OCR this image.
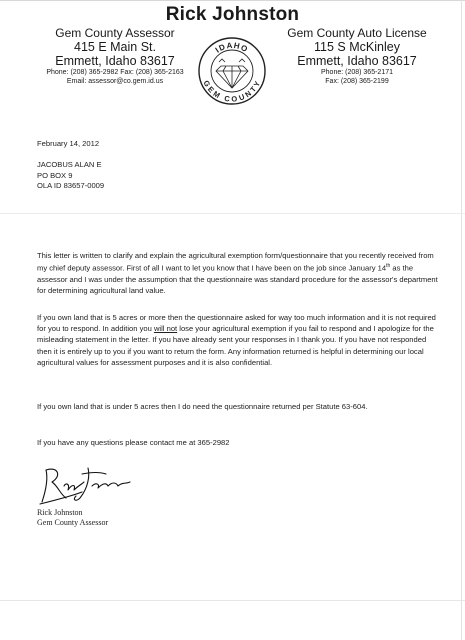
Rick Johnston
Gem County Assessor
415 E Main St.
Emmett, Idaho 83617
Phone: (208) 365-2982 Fax: (208) 365-2163
Email: assessor@co.gem.id.us
Gem County Auto License
115 S McKinley
Emmett, Idaho 83617
Phone: (208) 365-2171
Fax: (208) 365-2199
IDAHO
GEM COUNTY
February 14, 2012
JACOBUS ALAN E
PO BOX 9
OLA ID 83657-0009
This letter is written to clarify and explain the agricultural exemption form/questionnaire that you recently received from my chief deputy assessor. First of all I want to let you know that I have been on the job since January 14th as the assessor and I was under the assumption that the questionnaire was standard procedure for the assessor's department for determining agricultural land value.
If you own land that is 5 acres or more then the questionnaire asked for way too much information and it is not required for you to respond. In addition you will not lose your agricultural exemption if you fail to respond and I apologize for the misleading statement in the letter. If you have already sent your responses in I thank you. If you have not responded then it is entirely up to you if you want to return the form. Any information returned is helpful in determining our local agricultural values for assessment purposes and it is also confidential.
If you own land that is under 5 acres then I do need the questionnaire returned per Statute 63-604.
If you have any questions please contact me at 365-2982
Rick Johnston
Gem County Assessor
